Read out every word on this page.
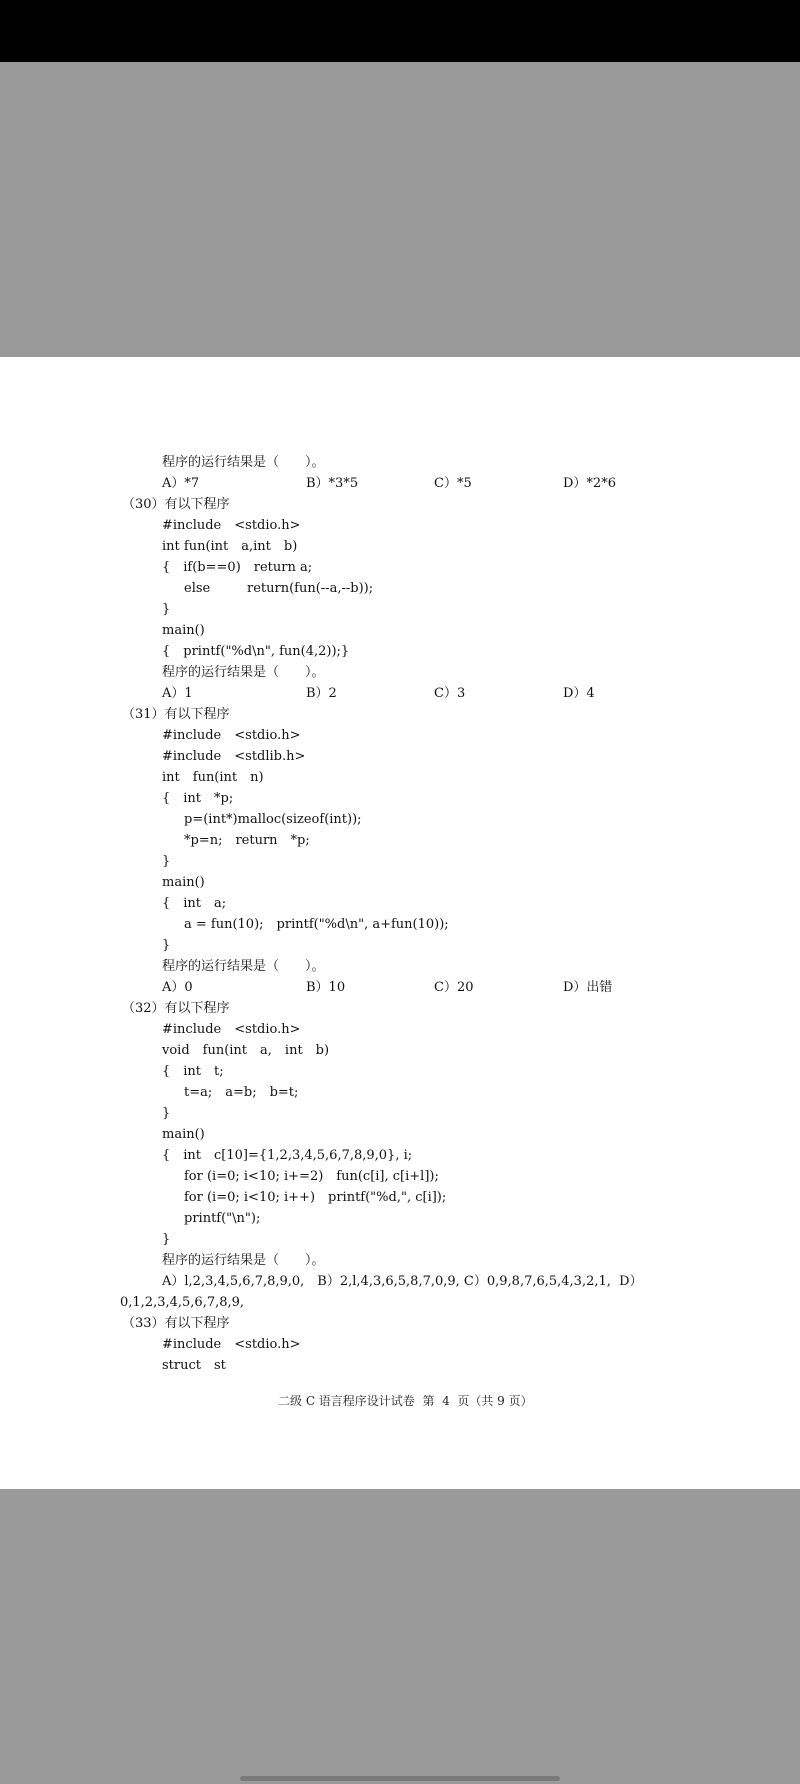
程序的运行结果是（　　）。
A）*7	B）*3*5	C）*5	D）*2*6
（30）有以下程序
#include　<stdio.h>
int fun(int　a,int　b)
{　if(b==0)　return a;
else	return(fun(--a,--b));
}
main()
{　printf("%d\n", fun(4,2));}
程序的运行结果是（　　）。
A）1	B）2	C）3	D）4
（31）有以下程序
#include　<stdio.h>
#include　<stdlib.h>
int　fun(int　n)
{　int　*p;
p=(int*)malloc(sizeof(int));
*p=n;　return　*p;
}
main()
{　int　a;
a = fun(10);　printf("%d\n", a+fun(10));
}
程序的运行结果是（　　）。
A）0	B）10	C）20	D）出错
（32）有以下程序
#include　<stdio.h>
void　fun(int　a,　int　b)
{　int　t;
t=a;　a=b;　b=t;
}
main()
{　int　c[10]={1,2,3,4,5,6,7,8,9,0}, i;
for (i=0; i<10; i+=2)　fun(c[i], c[i+l]);
for (i=0; i<10; i++)　printf("%d,", c[i]);
printf("\n");
}
程序的运行结果是（　　）。
A）l,2,3,4,5,6,7,8,9,0,　B）2,l,4,3,6,5,8,7,0,9, C）0,9,8,7,6,5,4,3,2,1,  D）
0,1,2,3,4,5,6,7,8,9,
（33）有以下程序
#include　<stdio.h>
struct　st
二级 C 语言程序设计试卷  第  4  页（共 9 页）
